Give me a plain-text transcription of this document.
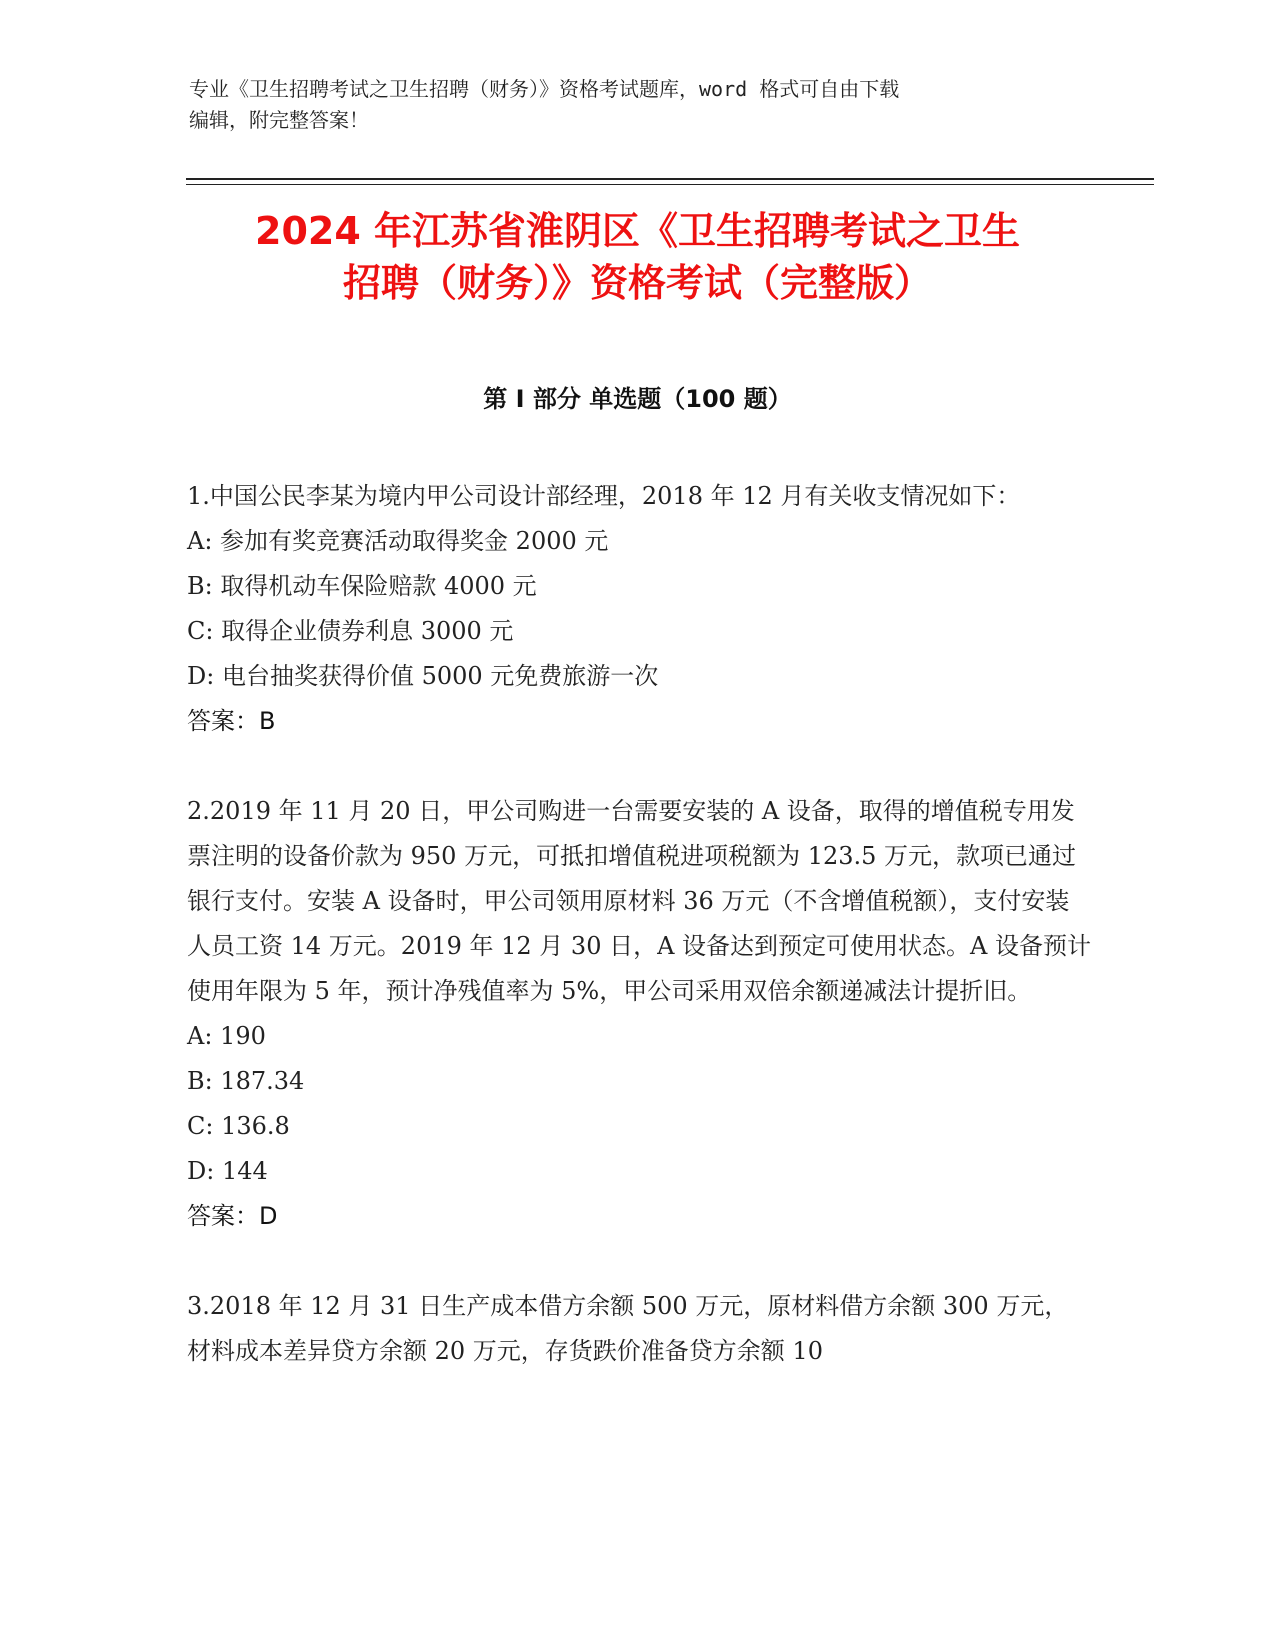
专业《卫生招聘考试之卫生招聘（财务）》资格考试题库，word 格式可自由下载
编辑，附完整答案！
2024 年江苏省淮阴区《卫生招聘考试之卫生
招聘（财务）》资格考试（完整版）
第 I 部分 单选题（100 题）

1.中国公民李某为境内甲公司设计部经理，2018 年 12 月有关收支情况如下：

A: 参加有奖竞赛活动取得奖金 2000 元

B: 取得机动车保险赔款 4000 元

C: 取得企业债券利息 3000 元

D: 电台抽奖获得价值 5000 元免费旅游一次

答案：B

2.2019 年 11 月 20 日，甲公司购进一台需要安装的 A 设备，取得的增值税专用发票注明的设备价款为 950 万元，可抵扣增值税进项税额为 123.5 万元，款项已通过银行支付。安装 A 设备时，甲公司领用原材料 36 万元（不含增值税额），支付安装人员工资 14 万元。2019 年 12 月 30 日，A 设备达到预定可使用状态。A 设备预计使用年限为 5 年，预计净残值率为 5%，甲公司采用双倍余额递减法计提折旧。

A: 190

B: 187.34

C: 136.8

D: 144

答案：D

3.2018 年 12 月 31 日生产成本借方余额 500 万元，原材料借方余额 300 万元，材料成本差异贷方余额 20 万元，存货跌价准备贷方余额 10
